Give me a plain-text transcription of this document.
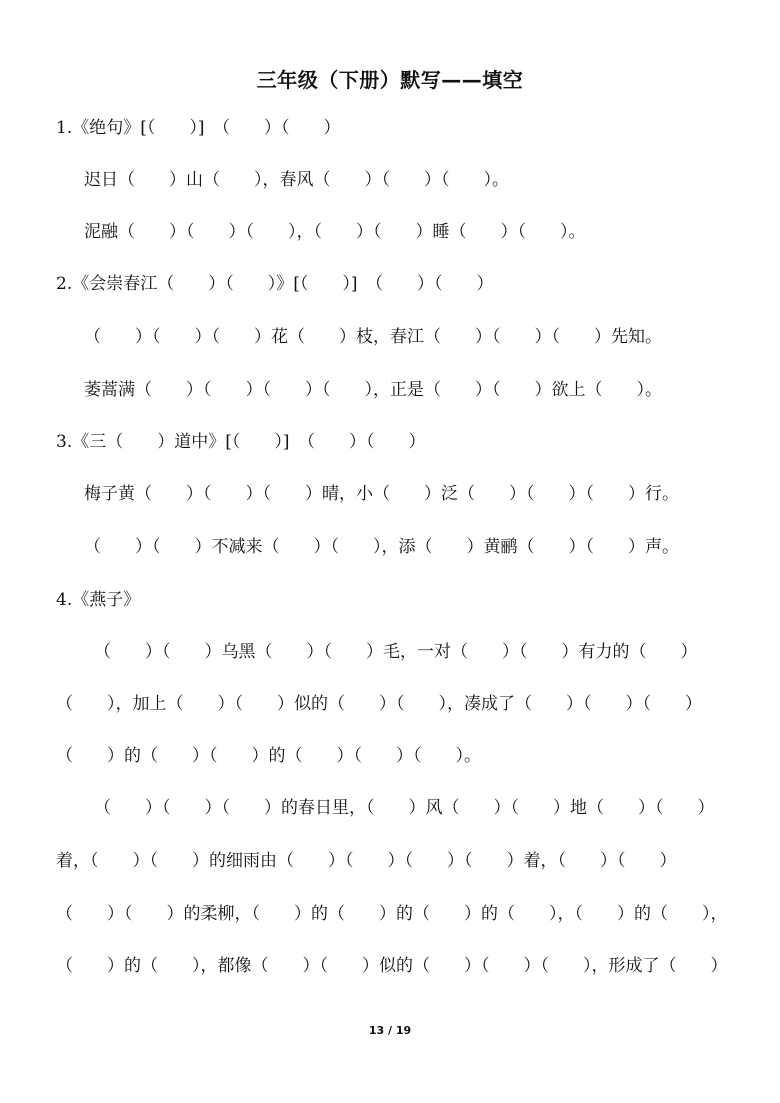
三年级（下册）默写——填空
1.《绝句》[（　　）]　（　　）（　　）
迟日（　　）山（　　），春风（　　）（　　）（　　）。
泥融（　　）（　　）（　　），（　　）（　　）睡（　　）（　　）。
2.《会崇春江（　　）（　　）》[（　　）]　（　　）（　　）
（　　）（　　）（　　）花（　　）枝，春江（　　）（　　）（　　）先知。
萎蒿满（　　）（　　）（　　）（　　），正是（　　）（　　）欲上（　　）。
3.《三（　　）道中》[（　　）]　（　　）（　　）
梅子黄（　　）（　　）（　　）晴，小（　　）泛（　　）（　　）（　　）行。
（　　）（　　）不减来（　　）（　　），添（　　）黄鹂（　　）（　　）声。
4.《燕子》
（　　）（　　）乌黑（　　）（　　）毛，一对（　　）（　　）有力的（　　）
（　　），加上（　　）（　　）似的（　　）（　　），凑成了（　　）（　　）（　　）
（　　）的（　　）（　　）的（　　）（　　）（　　）。
（　　）（　　）（　　）的春日里，（　　）风（　　）（　　）地（　　）（　　）
着，（　　）（　　）的细雨由（　　）（　　）（　　）（　　）着，（　　）（　　）
（　　）（　　）的柔柳，（　　）的（　　）的（　　）的（　　），（　　）的（　　），
（　　）的（　　），都像（　　）（　　）似的（　　）（　　）（　　），形成了（　　）
13 / 19
